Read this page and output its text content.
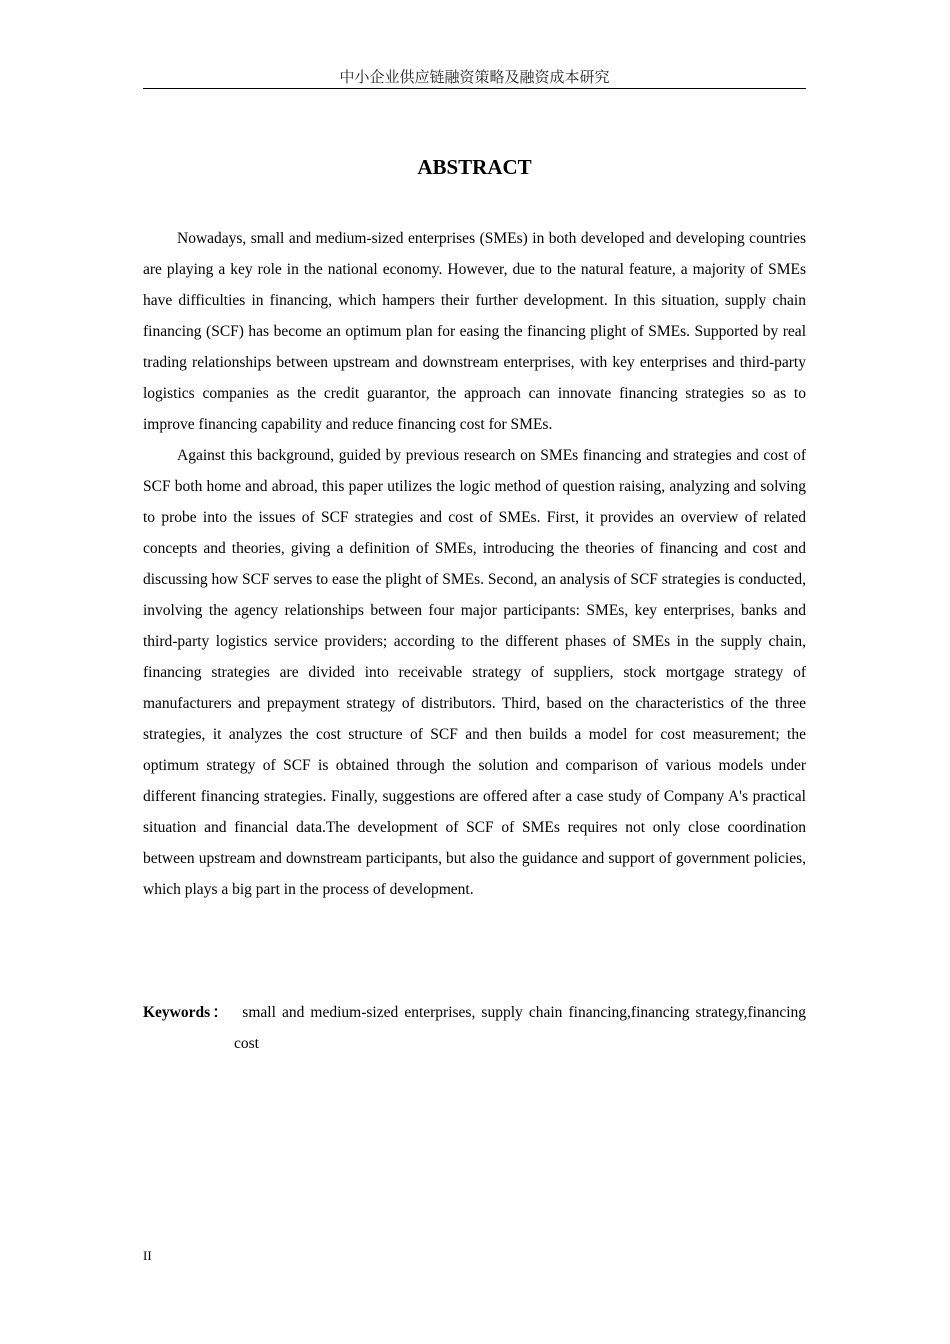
中小企业供应链融资策略及融资成本研究
ABSTRACT

Nowadays, small and medium-sized enterprises (SMEs) in both developed and developing countries are playing a key role in the national economy. However, due to the natural feature, a majority of SMEs have difficulties in financing, which hampers their further development. In this situation, supply chain financing (SCF) has become an optimum plan for easing the financing plight of SMEs. Supported by real trading relationships between upstream and downstream enterprises, with key enterprises and third-party logistics companies as the credit guarantor, the approach can innovate financing strategies so as to improve financing capability and reduce financing cost for SMEs.

Against this background, guided by previous research on SMEs financing and strategies and cost of SCF both home and abroad, this paper utilizes the logic method of question raising, analyzing and solving to probe into the issues of SCF strategies and cost of SMEs. First, it provides an overview of related concepts and theories, giving a definition of SMEs, introducing the theories of financing and cost and discussing how SCF serves to ease the plight of SMEs. Second, an analysis of SCF strategies is conducted, involving the agency relationships between four major participants: SMEs, key enterprises, banks and third-party logistics service providers; according to the different phases of SMEs in the supply chain, financing strategies are divided into receivable strategy of suppliers, stock mortgage strategy of manufacturers and prepayment strategy of distributors. Third, based on the characteristics of the three strategies, it analyzes the cost structure of SCF and then builds a model for cost measurement; the optimum strategy of SCF is obtained through the solution and comparison of various models under different financing strategies. Finally, suggestions are offered after a case study of Company A's practical situation and financial data.The development of SCF of SMEs requires not only close coordination between upstream and downstream participants, but also the guidance and support of government policies, which plays a big part in the process of development.

Keywords： small and medium-sized enterprises, supply chain financing,financing strategy,financing cost
II
